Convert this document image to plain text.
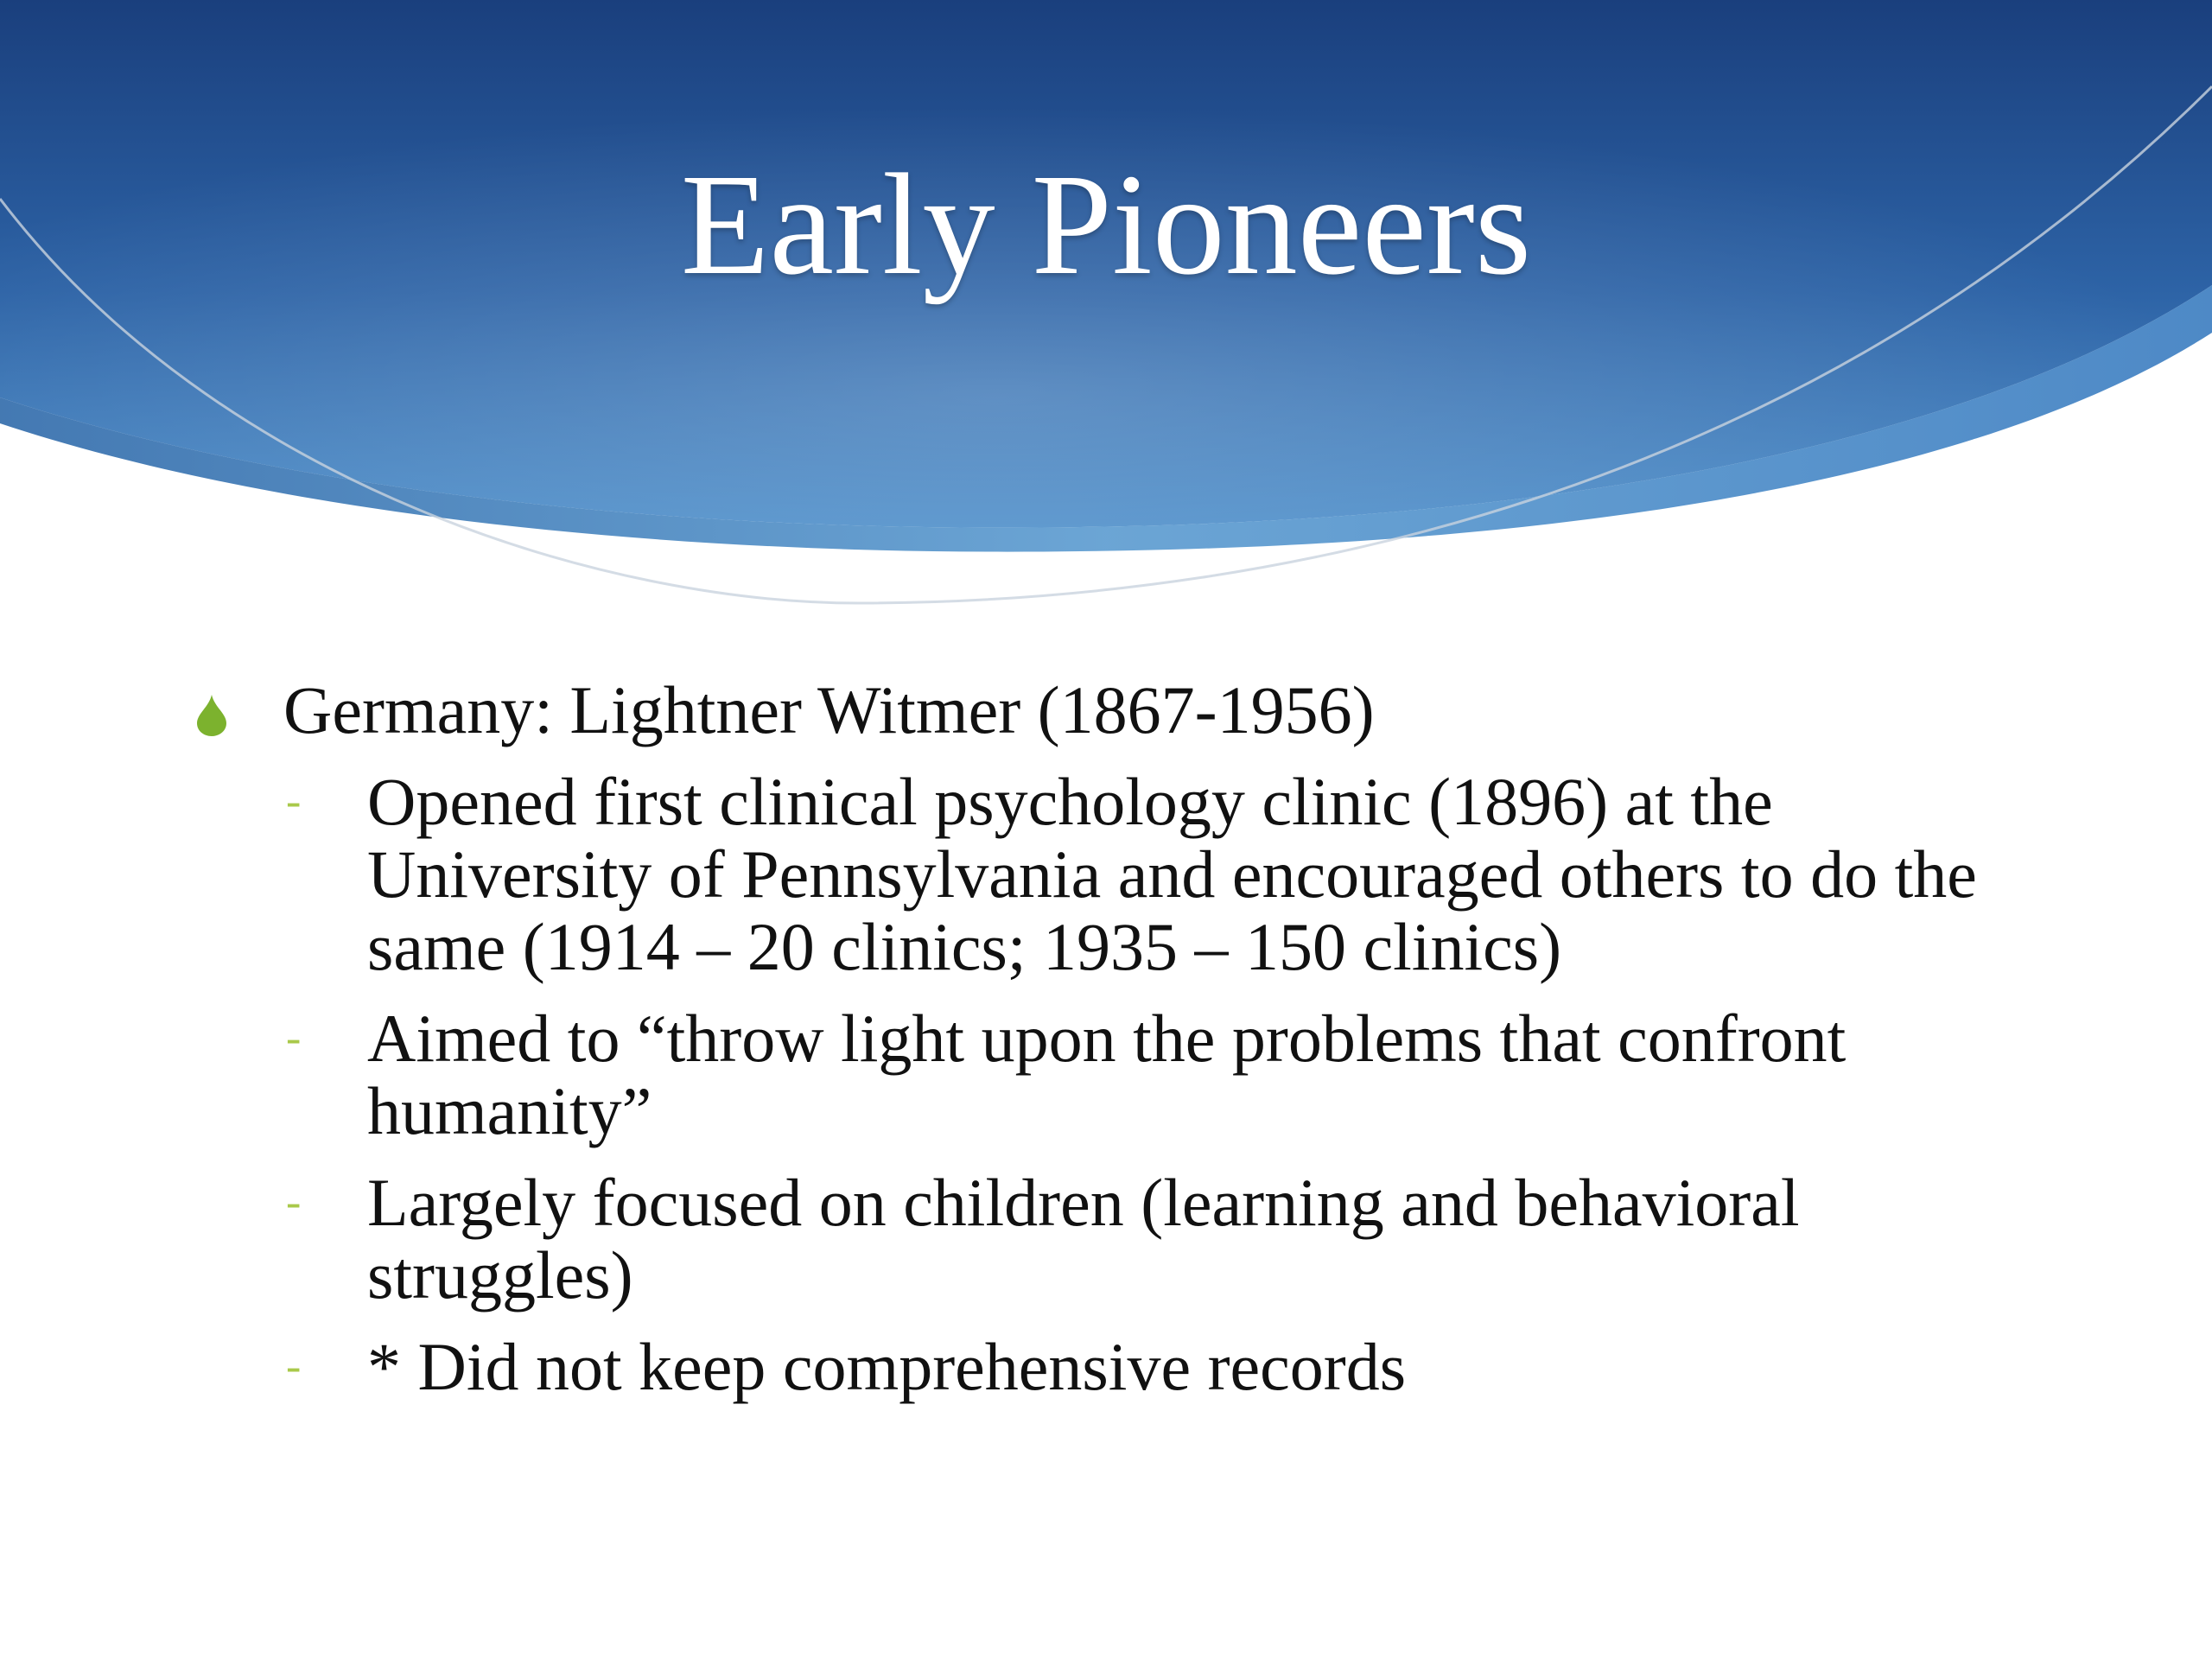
Early Pioneers
Germany: Lightner Witmer (1867-1956)
- Opened first clinical psychology clinic (1896) at the University of Pennsylvania and encouraged others to do the same (1914 – 20 clinics; 1935 – 150 clinics)
- Aimed to “throw light upon the problems that confront humanity”
- Largely focused on children (learning and behavioral struggles)
- * Did not keep comprehensive records
